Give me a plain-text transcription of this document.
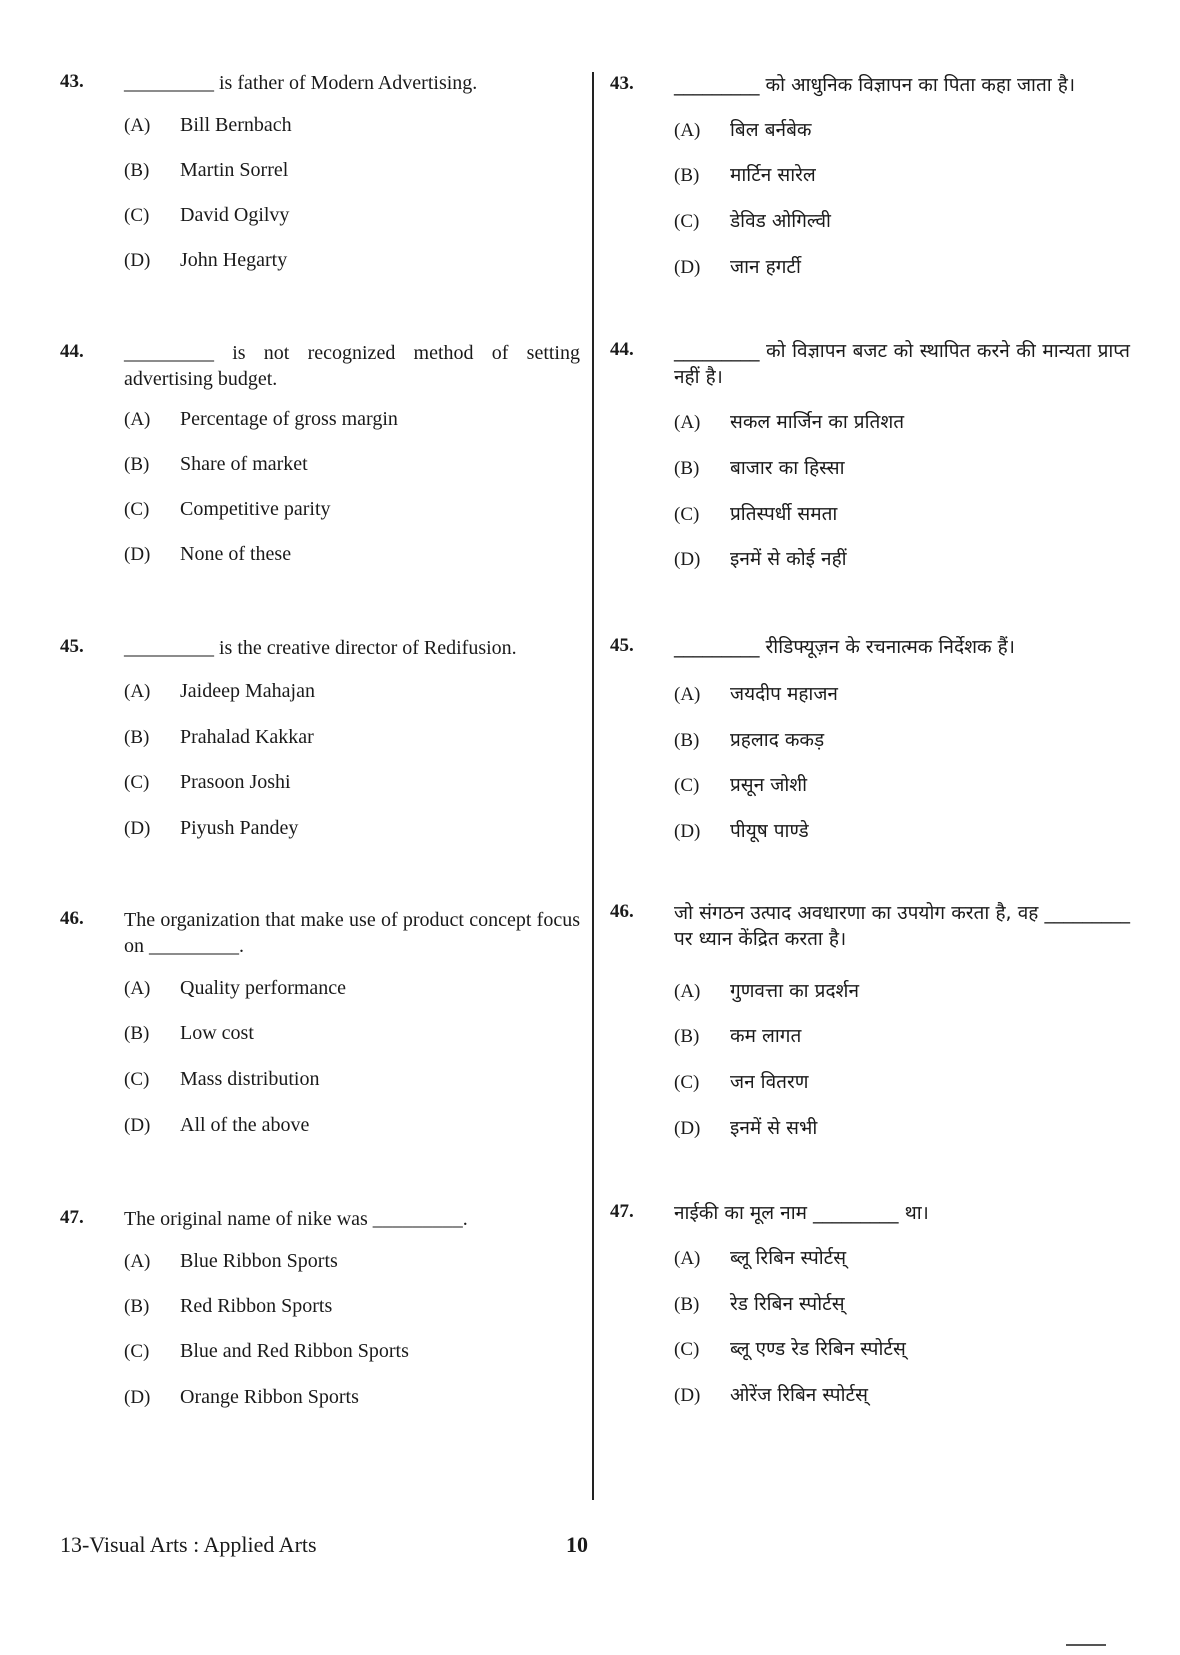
43.	_________ is father of Modern Advertising.
(A)	Bill Bernbach
(B)	Martin Sorrel
(C)	David Ogilvy
(D)	John Hegarty
44.	_________ is not recognized method of setting advertising budget.
(A)	Percentage of gross margin
(B)	Share of market
(C)	Competitive parity
(D)	None of these
45.	_________ is the creative director of Redifusion.
(A)	Jaideep Mahajan
(B)	Prahalad Kakkar
(C)	Prasoon Joshi
(D)	Piyush Pandey
46.	The organization that make use of product concept focus on _________.
(A)	Quality performance
(B)	Low cost
(C)	Mass distribution
(D)	All of the above
47.	The original name of nike was _________.
(A)	Blue Ribbon Sports
(B)	Red Ribbon Sports
(C)	Blue and Red Ribbon Sports
(D)	Orange Ribbon Sports
43.	_________ को आधुनिक विज्ञापन का पिता कहा जाता है।
(A)	बिल बर्नबेक
(B)	मार्टिन सारेल
(C)	डेविड ओगिल्वी
(D)	जान हगर्टी
44.	_________ को विज्ञापन बजट को स्थापित करने की मान्यता प्राप्त नहीं है।
(A)	सकल मार्जिन का प्रतिशत
(B)	बाजार का हिस्सा
(C)	प्रतिस्पर्धी समता
(D)	इनमें से कोई नहीं
45.	_________ रीडिफ्यूज़न के रचनात्मक निर्देशक हैं।
(A)	जयदीप महाजन
(B)	प्रहलाद ककड़
(C)	प्रसून जोशी
(D)	पीयूष पाण्डे
46.	जो संगठन उत्पाद अवधारणा का उपयोग करता है, वह _________ पर ध्यान केंद्रित करता है।
(A)	गुणवत्ता का प्रदर्शन
(B)	कम लागत
(C)	जन वितरण
(D)	इनमें से सभी
47.	नाईकी का मूल नाम _________ था।
(A)	ब्लू रिबिन स्पोर्टस्
(B)	रेड रिबिन स्पोर्टस्
(C)	ब्लू एण्ड रेड रिबिन स्पोर्टस्
(D)	ओरेंज रिबिन स्पोर्टस्
13-Visual Arts : Applied Arts	10
